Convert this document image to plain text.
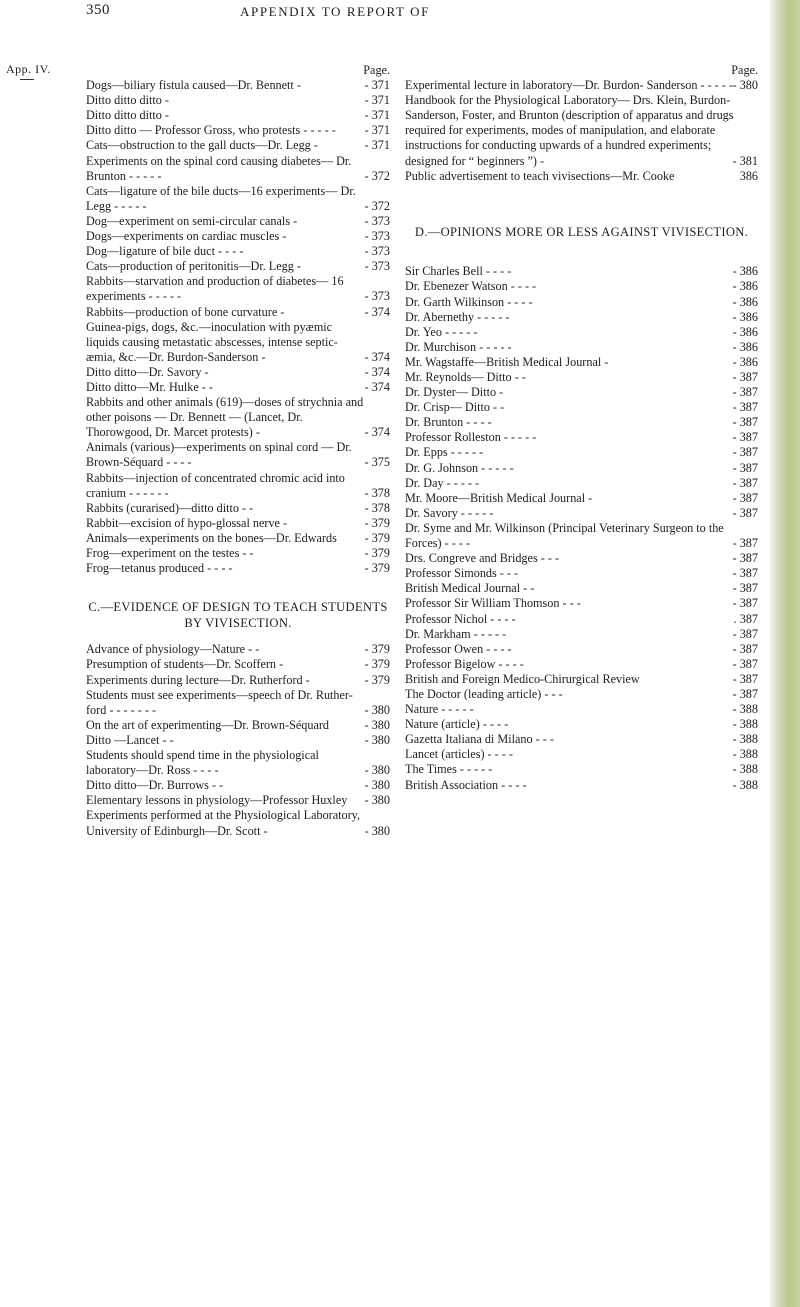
350	APPENDIX TO REPORT OF
App. IV.	Page.
Dogs—biliary fistula caused—Dr. Bennett -	- 371
Ditto ditto ditto -	- 371
Ditto ditto ditto -	- 371
Ditto ditto — Professor Gross, who protests - - - - -	- 371
Cats—obstruction to the gall ducts—Dr. Legg -	- 371
Experiments on the spinal cord causing diabetes— Dr. Brunton - - - - -	- 372
Cats—ligature of the bile ducts—16 experiments— Dr. Legg - - - - -	- 372
Dog—experiment on semi-circular canals -	- 373
Dogs—experiments on cardiac muscles -	- 373
Dog—ligature of bile duct - - - -	- 373
Cats—production of peritonitis—Dr. Legg -	- 373
Rabbits—starvation and production of diabetes— 16 experiments - - - - -	- 373
Rabbits—production of bone curvature -	- 374
Guinea-pigs, dogs, &c.—inoculation with pyæmic liquids causing metastatic abscesses, intense septic- æmia, &c.—Dr. Burdon-Sanderson -	- 374
Ditto ditto—Dr. Savory -	- 374
Ditto ditto—Mr. Hulke - -	- 374
Rabbits and other animals (619)—doses of strychnia and other poisons — Dr. Bennett — (Lancet, Dr. Thorowgood, Dr. Marcet protests) -	- 374
Animals (various)—experiments on spinal cord — Dr. Brown-Séquard - - - -	- 375
Rabbits—injection of concentrated chromic acid into cranium - - - - - -	- 378
Rabbits (curarised)—ditto ditto - -	- 378
Rabbit—excision of hypo-glossal nerve -	- 379
Animals—experiments on the bones—Dr. Edwards	- 379
Frog—experiment on the testes - -	- 379
Frog—tetanus produced - - - -	- 379
C.—EVIDENCE OF DESIGN TO TEACH STUDENTS BY VIVISECTION.
Advance of physiology—Nature - -	- 379
Presumption of students—Dr. Scoffern -	- 379
Experiments during lecture—Dr. Rutherford -	- 379
Students must see experiments—speech of Dr. Ruther- ford - - - - - - -	- 380
On the art of experimenting—Dr. Brown-Séquard	- 380
Ditto —Lancet - -	- 380
Students should spend time in the physiological laboratory—Dr. Ross - - - -	- 380
Ditto ditto—Dr. Burrows - -	- 380
Elementary lessons in physiology—Professor Huxley	- 380
Experiments performed at the Physiological Laboratory, University of Edinburgh—Dr. Scott -	- 380
Page.
Experimental lecture in laboratory—Dr. Burdon- Sanderson - - - - - - 380
Handbook for the Physiological Laboratory— Drs. Klein, Burdon-Sanderson, Foster, and Brunton (description of apparatus and drugs required for experiments, modes of manipulation, and elaborate instructions for conducting upwards of a hundred experiments; designed for “ beginners ”) -	- 381
Public advertisement to teach vivisections—Mr. Cooke	386
D.—OPINIONS MORE OR LESS AGAINST VIVISECTION.
Sir Charles Bell - - - -	- 386
Dr. Ebenezer Watson - - - -	- 386
Dr. Garth Wilkinson - - - -	- 386
Dr. Abernethy - - - - -	- 386
Dr. Yeo - - - - -	- 386
Dr. Murchison - - - - -	- 386
Mr. Wagstaffe—British Medical Journal -	- 386
Mr. Reynolds— Ditto - -	- 387
Dr. Dyster— Ditto -	- 387
Dr. Crisp— Ditto - -	- 387
Dr. Brunton - - - -	- 387
Professor Rolleston - - - - -	- 387
Dr. Epps - - - - -	- 387
Dr. G. Johnson - - - - -	- 387
Dr. Day - - - - -	- 387
Mr. Moore—British Medical Journal -	- 387
Dr. Savory - - - - -	- 387
Dr. Syme and Mr. Wilkinson (Principal Veterinary Surgeon to the Forces) - - - -	- 387
Drs. Congreve and Bridges - - -	- 387
Professor Simonds - - -	- 387
British Medical Journal - -	- 387
Professor Sir William Thomson - - -	- 387
Professor Nichol - - - -	. 387
Dr. Markham - - - - -	- 387
Professor Owen - - - -	- 387
Professor Bigelow - - - -	- 387
British and Foreign Medico-Chirurgical Review	- 387
The Doctor (leading article) - - -	- 387
Nature - - - - -	- 388
Nature (article) - - - -	- 388
Gazetta Italiana di Milano - - -	- 388
Lancet (articles) - - - -	- 388
The Times - - - - -	- 388
British Association - - - -	- 388
